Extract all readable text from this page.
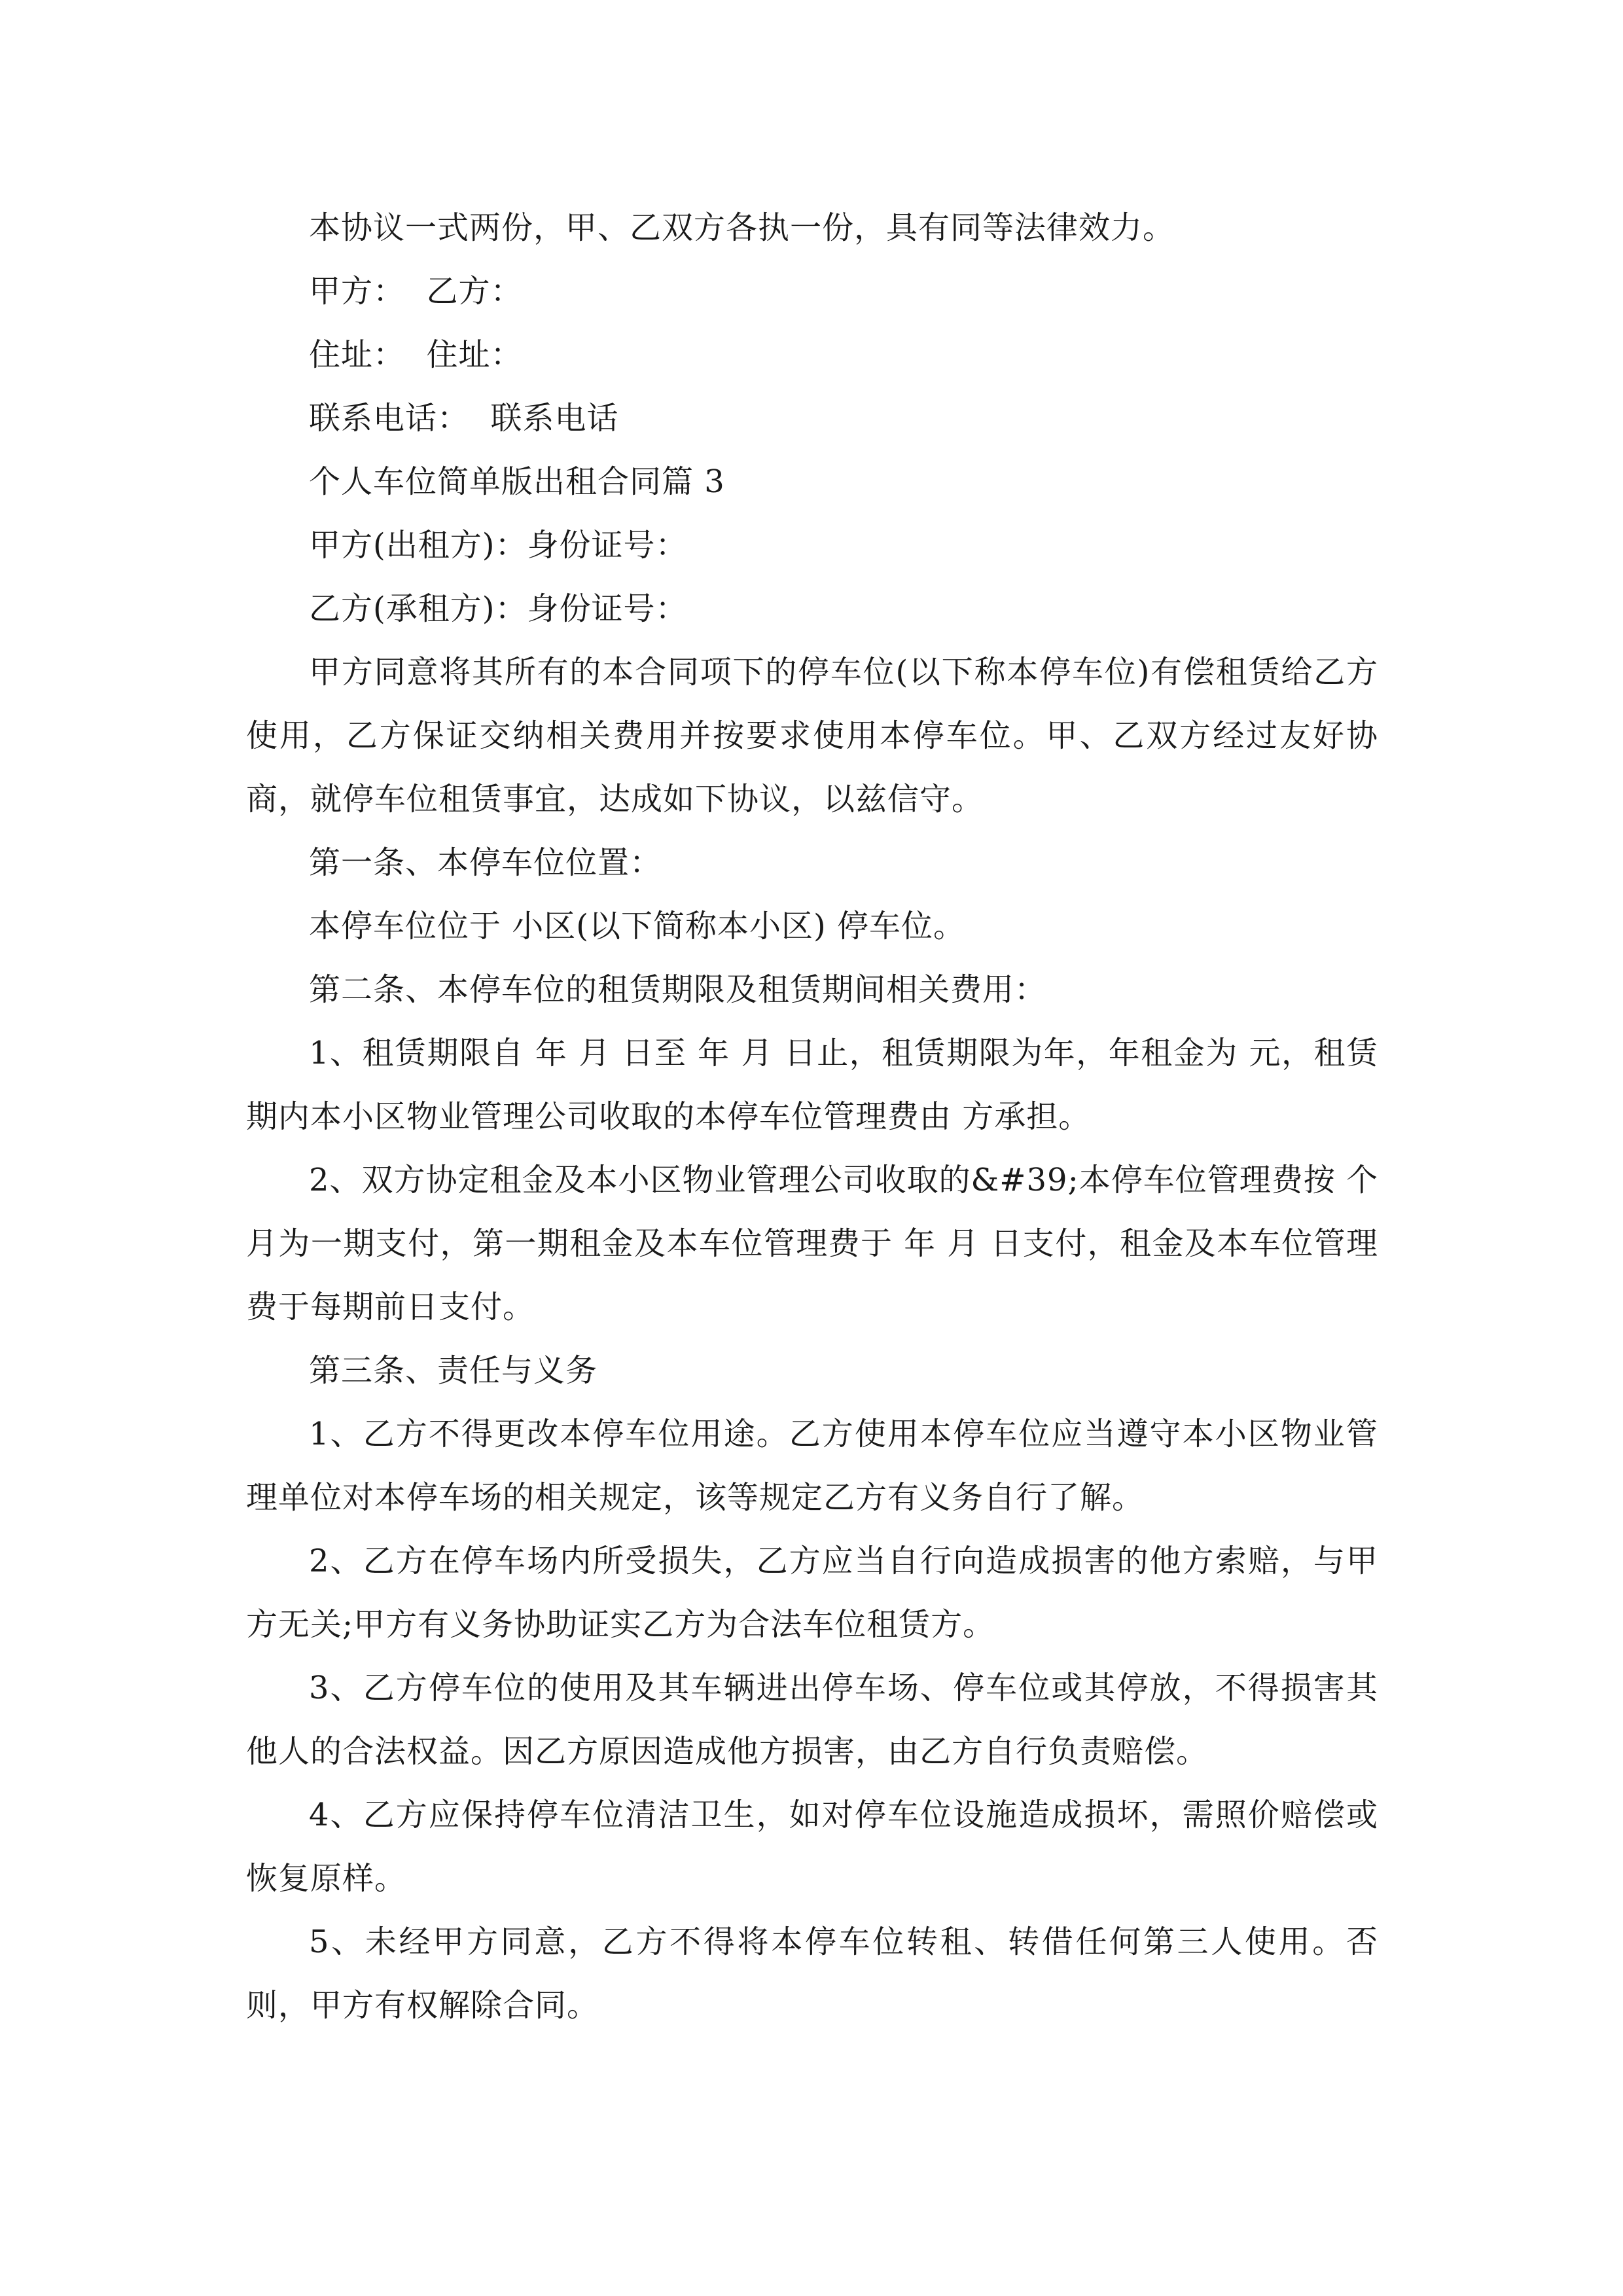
本协议一式两份，甲、乙双方各执一份，具有同等法律效力。

甲方：  乙方：

住址：  住址：

联系电话：  联系电话

个人车位简单版出租合同篇 3

甲方(出租方)：身份证号：

乙方(承租方)：身份证号：

甲方同意将其所有的本合同项下的停车位(以下称本停车位)有偿租赁给乙方使用，乙方保证交纳相关费用并按要求使用本停车位。甲、乙双方经过友好协商，就停车位租赁事宜，达成如下协议，以兹信守。

第一条、本停车位位置：

本停车位位于 小区(以下简称本小区) 停车位。

第二条、本停车位的租赁期限及租赁期间相关费用：

1、租赁期限自 年 月 日至 年 月 日止，租赁期限为年，年租金为 元，租赁期内本小区物业管理公司收取的本停车位管理费由 方承担。

2、双方协定租金及本小区物业管理公司收取的&#39;本停车位管理费按 个月为一期支付，第一期租金及本车位管理费于 年 月 日支付，租金及本车位管理费于每期前日支付。

第三条、责任与义务

1、乙方不得更改本停车位用途。乙方使用本停车位应当遵守本小区物业管理单位对本停车场的相关规定，该等规定乙方有义务自行了解。

2、乙方在停车场内所受损失，乙方应当自行向造成损害的他方索赔，与甲方无关;甲方有义务协助证实乙方为合法车位租赁方。

3、乙方停车位的使用及其车辆进出停车场、停车位或其停放，不得损害其他人的合法权益。因乙方原因造成他方损害，由乙方自行负责赔偿。

4、乙方应保持停车位清洁卫生，如对停车位设施造成损坏，需照价赔偿或恢复原样。

5、未经甲方同意，乙方不得将本停车位转租、转借任何第三人使用。否则，甲方有权解除合同。
